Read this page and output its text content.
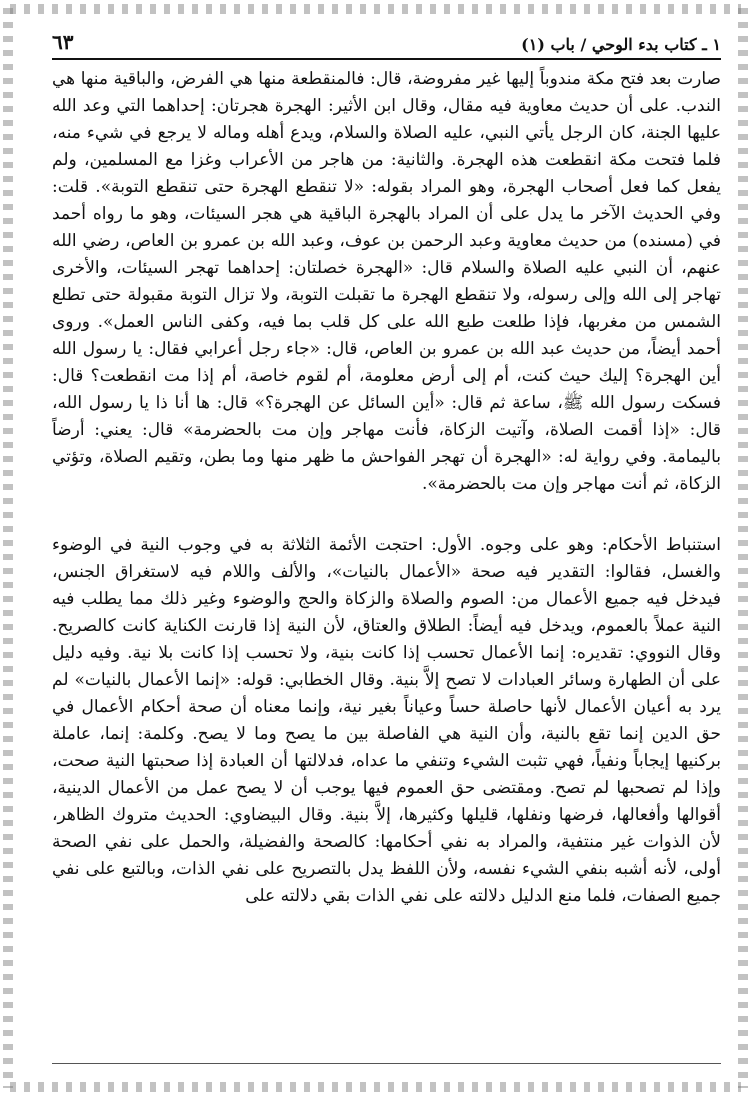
٦٣	١ ـ كتاب بدء الوحي / باب (١)

صارت بعد فتح مكة مندوباً إليها غير مفروضة، قال: فالمنقطعة منها هي الفرض، والباقية منها هي الندب. على أن حديث معاوية فيه مقال، وقال ابن الأثير: الهجرة هجرتان: إحداهما التي وعد الله عليها الجنة، كان الرجل يأتي النبي، عليه الصلاة والسلام، ويدع أهله وماله لا يرجع في شيء منه، فلما فتحت مكة انقطعت هذه الهجرة. والثانية: من هاجر من الأعراب وغزا مع المسلمين، ولم يفعل كما فعل أصحاب الهجرة، وهو المراد بقوله: «لا تنقطع الهجرة حتى تنقطع التوبة». قلت: وفي الحديث الآخر ما يدل على أن المراد بالهجرة الباقية هي هجر السيئات، وهو ما رواه أحمد في (مسنده) من حديث معاوية وعبد الرحمن بن عوف، وعبد الله بن عمرو بن العاص، رضي الله عنهم، أن النبي عليه الصلاة والسلام قال: «الهجرة خصلتان: إحداهما تهجر السيئات، والأخرى تهاجر إلى الله وإلى رسوله، ولا تنقطع الهجرة ما تقبلت التوبة، ولا تزال التوبة مقبولة حتى تطلع الشمس من مغربها، فإذا طلعت طبع الله على كل قلب بما فيه، وكفى الناس العمل». وروى أحمد أيضاً، من حديث عبد الله بن عمرو بن العاص، قال: «جاء رجل أعرابي فقال: يا رسول الله أين الهجرة؟ إليك حيث كنت، أم إلى أرض معلومة، أم لقوم خاصة، أم إذا مت انقطعت؟ قال: فسكت رسول الله ﷺ، ساعة ثم قال: «أين السائل عن الهجرة؟» قال: ها أنا ذا يا رسول الله، قال: «إذا أقمت الصلاة، وآتيت الزكاة، فأنت مهاجر وإن مت بالحضرمة» قال: يعني: أرضاً باليمامة. وفي رواية له: «الهجرة أن تهجر الفواحش ما ظهر منها وما بطن، وتقيم الصلاة، وتؤتي الزكاة، ثم أنت مهاجر وإن مت بالحضرمة».

استنباط الأحكام: وهو على وجوه. الأول: احتجت الأئمة الثلاثة به في وجوب النية في الوضوء والغسل، فقالوا: التقدير فيه صحة «الأعمال بالنيات»، والألف واللام فيه لاستغراق الجنس، فيدخل فيه جميع الأعمال من: الصوم والصلاة والزكاة والحج والوضوء وغير ذلك مما يطلب فيه النية عملاً بالعموم، ويدخل فيه أيضاً: الطلاق والعتاق، لأن النية إذا قارنت الكناية كانت كالصريح. وقال النووي: تقديره: إنما الأعمال تحسب إذا كانت بنية، ولا تحسب إذا كانت بلا نية. وفيه دليل على أن الطهارة وسائر العبادات لا تصح إلاَّ بنية. وقال الخطابي: قوله: «إنما الأعمال بالنيات» لم يرد به أعيان الأعمال لأنها حاصلة حساً وعياناً بغير نية، وإنما معناه أن صحة أحكام الأعمال في حق الدين إنما تقع بالنية، وأن النية هي الفاصلة بين ما يصح وما لا يصح. وكلمة: إنما، عاملة بركنيها إيجاباً ونفياً، فهي تثبت الشيء وتنفي ما عداه، فدلالتها أن العبادة إذا صحبتها النية صحت، وإذا لم تصحبها لم تصح. ومقتضى حق العموم فيها يوجب أن لا يصح عمل من الأعمال الدينية، أقوالها وأفعالها، فرضها ونفلها، قليلها وكثيرها، إلاَّ بنية. وقال البيضاوي: الحديث متروك الظاهر، لأن الذوات غير منتفية، والمراد به نفي أحكامها: كالصحة والفضيلة، والحمل على نفي الصحة أولى، لأنه أشبه بنفي الشيء نفسه، ولأن اللفظ يدل بالتصريح على نفي الذات، وبالتبع على نفي جميع الصفات، فلما منع الدليل دلالته على نفي الذات بقي دلالته على
